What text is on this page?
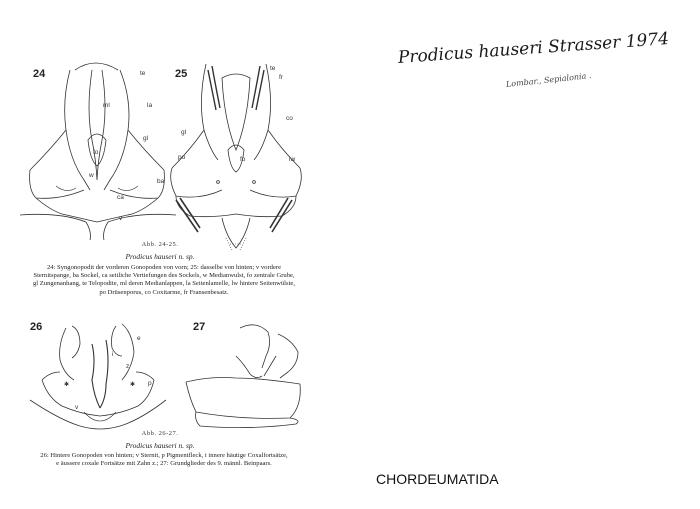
✱	✱
24	25
26	27
te
ml	la
gl
fo
w
ba
ca
v
te
fr
co
gl
po	fo	lw
e
i
z
p
v
Abb. 24-25.
Prodicus hauseri n. sp.
24: Syngonopodit der vorderen Gonopoden von vorn; 25: dasselbe von hinten; v vordere
Sternitspange, ba Sockel, ca seitliche Vertiefungen des Sockels, w Medianwulst, fo zentrale Grube,
gl Zungenanhang, te Telopodite, ml deren Medianlappen, la Seitenlamelle, lw hintere Seitenwülste,
po Drüsenporus, co Coxitarme, fr Fransenbesatz.
Abb. 26-27.
Prodicus hauseri n. sp.
26: Hintere Gonopoden von hinten; v Sternit, p Pigmentfleck, i innere häutige Coxalfortsätze,
e äussere coxale Fortsätze mit Zahn z.; 27: Grundglieder des 9. männl. Beinpaars.
Prodicus hauseri Strasser 1974
Lombar., Sepialonia .
CHORDEUMATIDA
